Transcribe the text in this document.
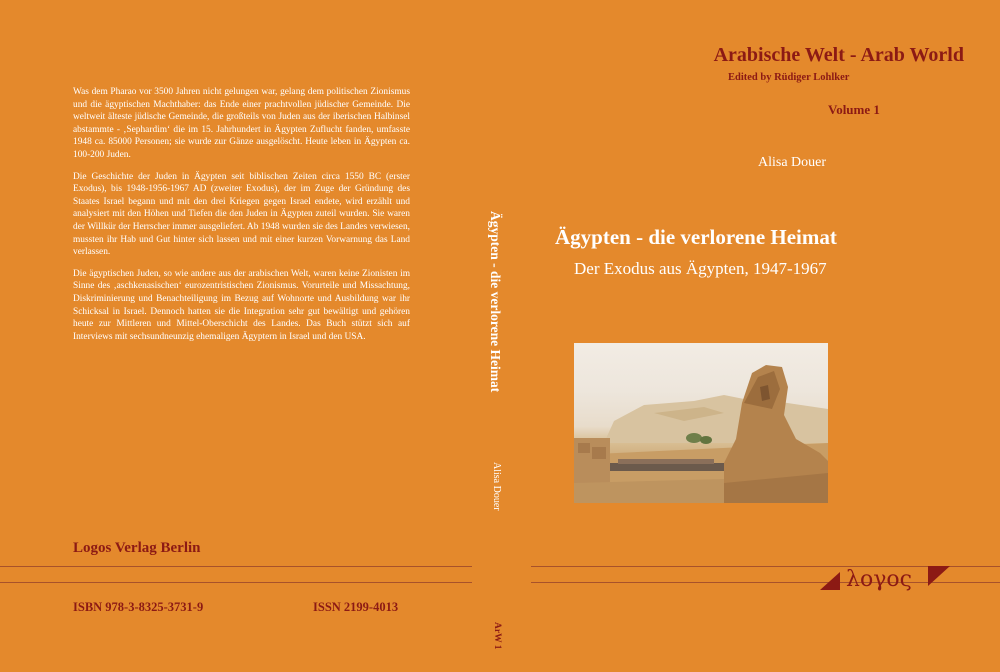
Was dem Pharao vor 3500 Jahren nicht gelungen war, gelang dem politischen Zionismus und die ägyptischen Machthaber: das Ende einer prachtvollen jüdischer Gemeinde. Die weltweit älteste jüdische Gemeinde, die großteils von Juden aus der iberischen Halbinsel abstammte - ‚Sephardim‘ die im 15. Jahrhundert in Ägypten Zuflucht fanden, umfasste 1948 ca. 85000 Personen; sie wurde zur Gänze ausgelöscht. Heute leben in Ägypten ca. 100-200 Juden.

Die Geschichte der Juden in Ägypten seit biblischen Zeiten circa 1550 BC (erster Exodus), bis 1948-1956-1967 AD (zweiter Exodus), der im Zuge der Gründung des Staates Israel begann und mit den drei Kriegen gegen Israel endete, wird erzählt und analysiert mit den Höhen und Tiefen die den Juden in Ägypten zuteil wurden. Sie waren der Willkür der Herrscher immer ausgeliefert. Ab 1948 wurden sie des Landes verwiesen, mussten ihr Hab und Gut hinter sich lassen und mit einer kurzen Vorwarnung das Land verlassen.

Die ägyptischen Juden, so wie andere aus der arabischen Welt, waren keine Zionisten im Sinne des ‚aschkenasischen‘ eurozentristischen Zionismus. Vorurteile und Missachtung, Diskriminierung und Benachteiligung im Bezug auf Wohnorte und Ausbildung war ihr Schicksal in Israel. Dennoch hatten sie die Integration sehr gut bewältigt und gehören heute zur Mittleren und Mittel-Oberschicht des Landes. Das Buch stützt sich auf Interviews mit sechsundneunzig ehemaligen Ägyptern in Israel und den USA.

Logos Verlag Berlin
ISBN 978-3-8325-3731-9	ISSN 2199-4013
Ägypten - die verlorene Heimat
Alisa Douer
ArW 1
Arabische Welt - Arab World
Edited by Rüdiger Lohlker
Volume 1
Alisa Douer
Ägypten - die verlorene Heimat
Der Exodus aus Ägypten, 1947-1967
λογος
